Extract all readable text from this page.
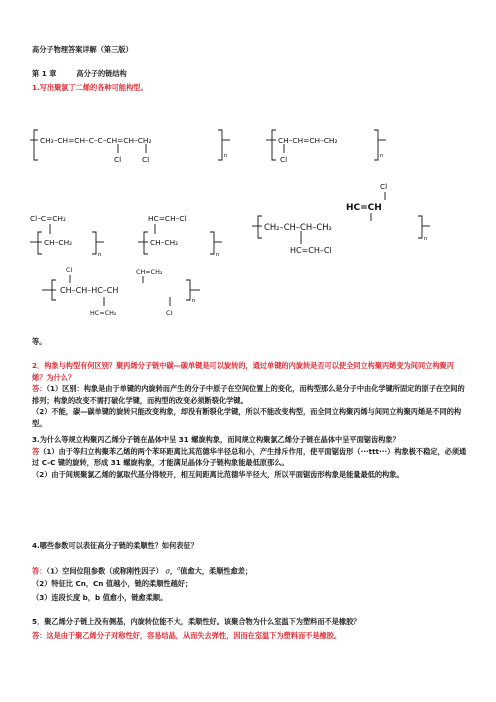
高分子物理答案详解（第三版）
第 1 章	高分子的链结构
1.写出聚氯丁二烯的各种可能构型。
CH₂–CH=CH–C–C–CH=CH–CH₂
Cl	Cl	n
CH–CH=CH–CH₂
Cl	n
Cl–C=CH₂
CH–CH₂
n
HC=CH–Cl
CH–CH₂
n
Cl
HC=CH
CH₂–CH–CH–CH₂
HC=CH–Cl
n
Cl	CH=CH₂
CH–CH–HC–CH
HC=CH₂	Cl
n
等。
2．构象与构型有何区别？聚丙烯分子链中碳—碳单键是可以旋转的，通过单键的内旋转是否可以使全同立构聚丙烯变为间同立构聚丙烯？为什么？
答：（1）区别：构象是由于单键的内旋转而产生的分子中原子在空间位置上的变化，而构型那么是分子中由化学键所固定的原子在空间的排列；构象的改变不需打破化学键，而构型的改变必须断裂化学键。
（2）不能，碳—碳单键的旋转只能改变构象，却没有断裂化学键，所以不能改变构型，而全同立构聚丙烯与间同立构聚丙烯是不同的构型。
3.为什么等规立构聚丙乙烯分子链在晶体中呈 31 螺旋构象，而间规立构聚氯乙烯分子链在晶体中呈平面锯齿构象？
答（1）由于等归立构聚苯乙烯的两个苯环距离比其范德华半径总和小，产生排斥作用，使平面锯齿形（···ttt···）构象极不稳定，必须通过 C-C 键的旋转，形成 31 螺旋构象，才能满足晶体分子链构象能最低原那么。
（2）由于间规聚氯乙烯的氯取代基分得较开，相互间距离比范德华半径大，所以平面锯齿形构象是能量最低的构象。
4.哪些参数可以表征高分子链的柔顺性？如何表征？
答：（1）空间位阻参数（或称刚性因子） σ，$^\sigma$值愈大，柔顺性愈差；
（2）特征比 Cn，Cn 值越小，链的柔顺性越好；
（3）连段长度 b，b 值愈小，链愈柔顺。
5．聚乙烯分子链上没有侧基，内旋转位能不大，柔顺性好。该聚合物为什么室温下为塑料而不是橡胶？
答：这是由于聚乙烯分子对称性好，容易结晶，从而失去弹性，因而在室温下为塑料而不是橡胶。
